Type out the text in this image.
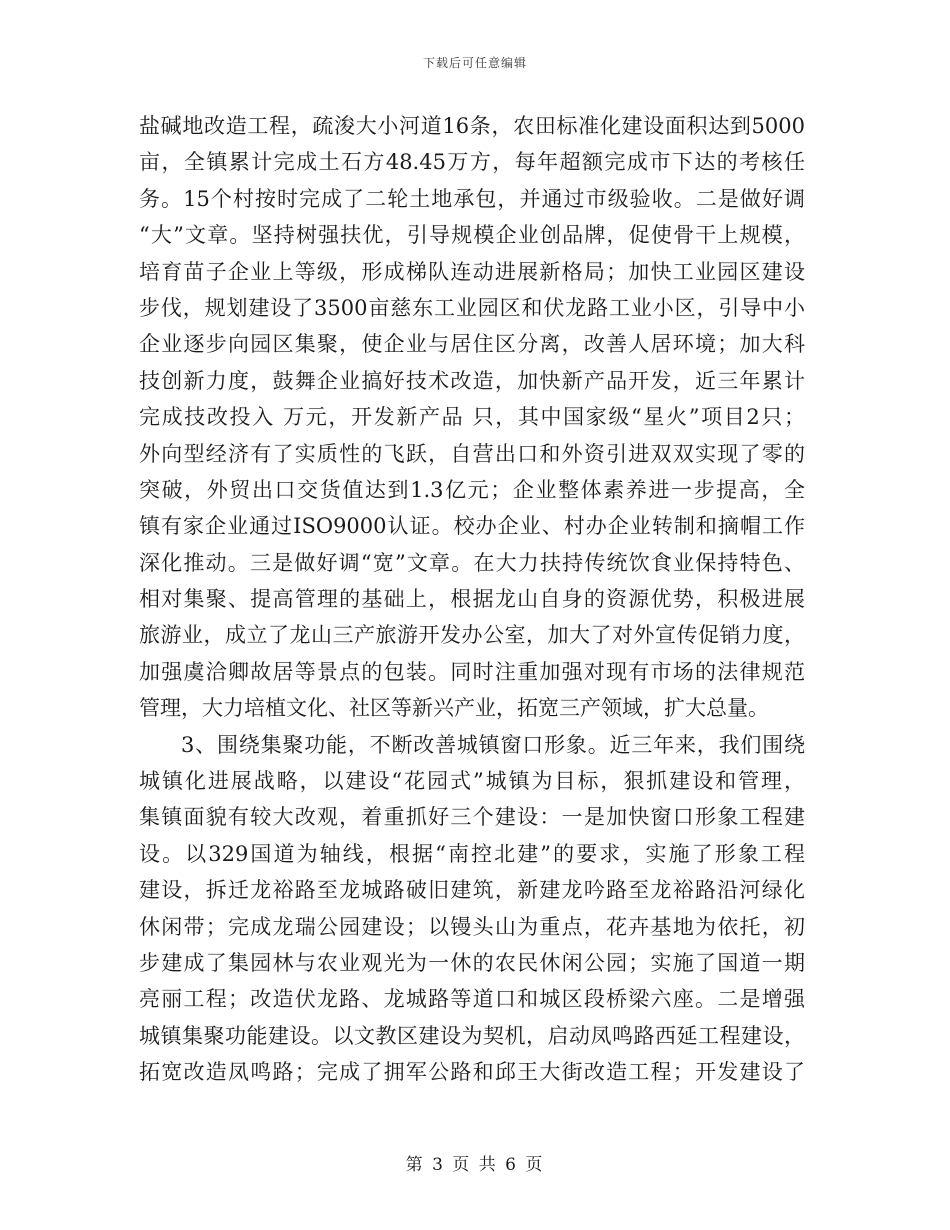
下载后可任意编辑
盐碱地改造工程，疏浚大小河道16条，农田标准化建设面积达到5000
亩，全镇累计完成土石方48.45万方，每年超额完成市下达的考核任
务。15个村按时完成了二轮土地承包，并通过市级验收。二是做好调
“大”文章。坚持树强扶优，引导规模企业创品牌，促使骨干上规模，
培育苗子企业上等级，形成梯队连动进展新格局；加快工业园区建设
步伐，规划建设了3500亩慈东工业园区和伏龙路工业小区，引导中小
企业逐步向园区集聚，使企业与居住区分离，改善人居环境；加大科
技创新力度，鼓舞企业搞好技术改造，加快新产品开发，近三年累计
完成技改投入 万元，开发新产品 只，其中国家级“星火”项目2只；
外向型经济有了实质性的飞跃，自营出口和外资引进双双实现了零的
突破，外贸出口交货值达到1.3亿元；企业整体素养进一步提高，全
镇有家企业通过ISO9000认证。校办企业、村办企业转制和摘帽工作
深化推动。三是做好调“宽”文章。在大力扶持传统饮食业保持特色、
相对集聚、提高管理的基础上，根据龙山自身的资源优势，积极进展
旅游业，成立了龙山三产旅游开发办公室，加大了对外宣传促销力度，
加强虞洽卿故居等景点的包装。同时注重加强对现有市场的法律规范
管理，大力培植文化、社区等新兴产业，拓宽三产领域，扩大总量。
3、围绕集聚功能，不断改善城镇窗口形象。近三年来，我们围绕
城镇化进展战略，以建设“花园式”城镇为目标，狠抓建设和管理，
集镇面貌有较大改观，着重抓好三个建设：一是加快窗口形象工程建
设。以329国道为轴线，根据“南控北建”的要求，实施了形象工程
建设，拆迁龙裕路至龙城路破旧建筑，新建龙吟路至龙裕路沿河绿化
休闲带；完成龙瑞公园建设；以镘头山为重点，花卉基地为依托，初
步建成了集园林与农业观光为一休的农民休闲公园；实施了国道一期
亮丽工程；改造伏龙路、龙城路等道口和城区段桥梁六座。二是增强
城镇集聚功能建设。以文教区建设为契机，启动凤鸣路西延工程建设，
拓宽改造凤鸣路；完成了拥军公路和邱王大街改造工程；开发建设了
第 3 页 共 6 页
